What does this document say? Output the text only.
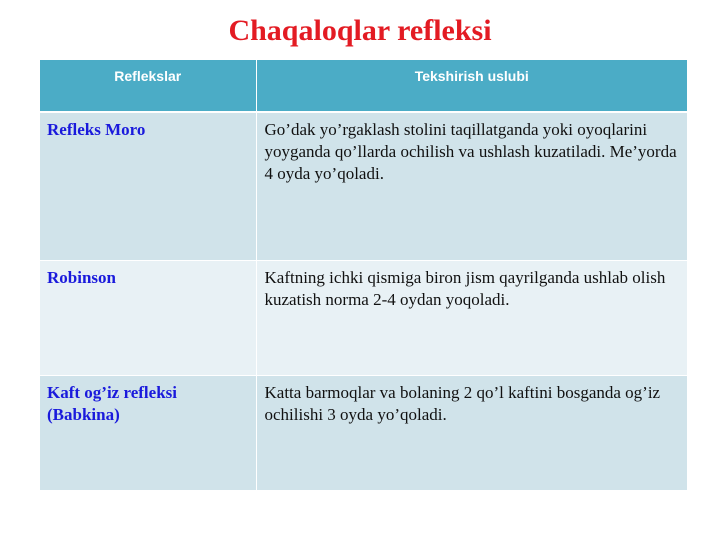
Chaqaloqlar refleksi
Reflekslar	Tekshirish uslubi
Refleks Moro	Go’dak yo’rgaklash stolini taqillatganda yoki oyoqlarini yoyganda qo’llarda ochilish va ushlash kuzatiladi. Me’yorda 4 oyda yo’qoladi.
Robinson	Kaftning ichki qismiga biron jism qayrilganda ushlab olish kuzatish norma 2-4 oydan yoqoladi.
Kaft og’iz refleksi (Babkina)	Katta barmoqlar va bolaning 2 qo’l kaftini bosganda og’iz ochilishi 3 oyda yo’qoladi.
